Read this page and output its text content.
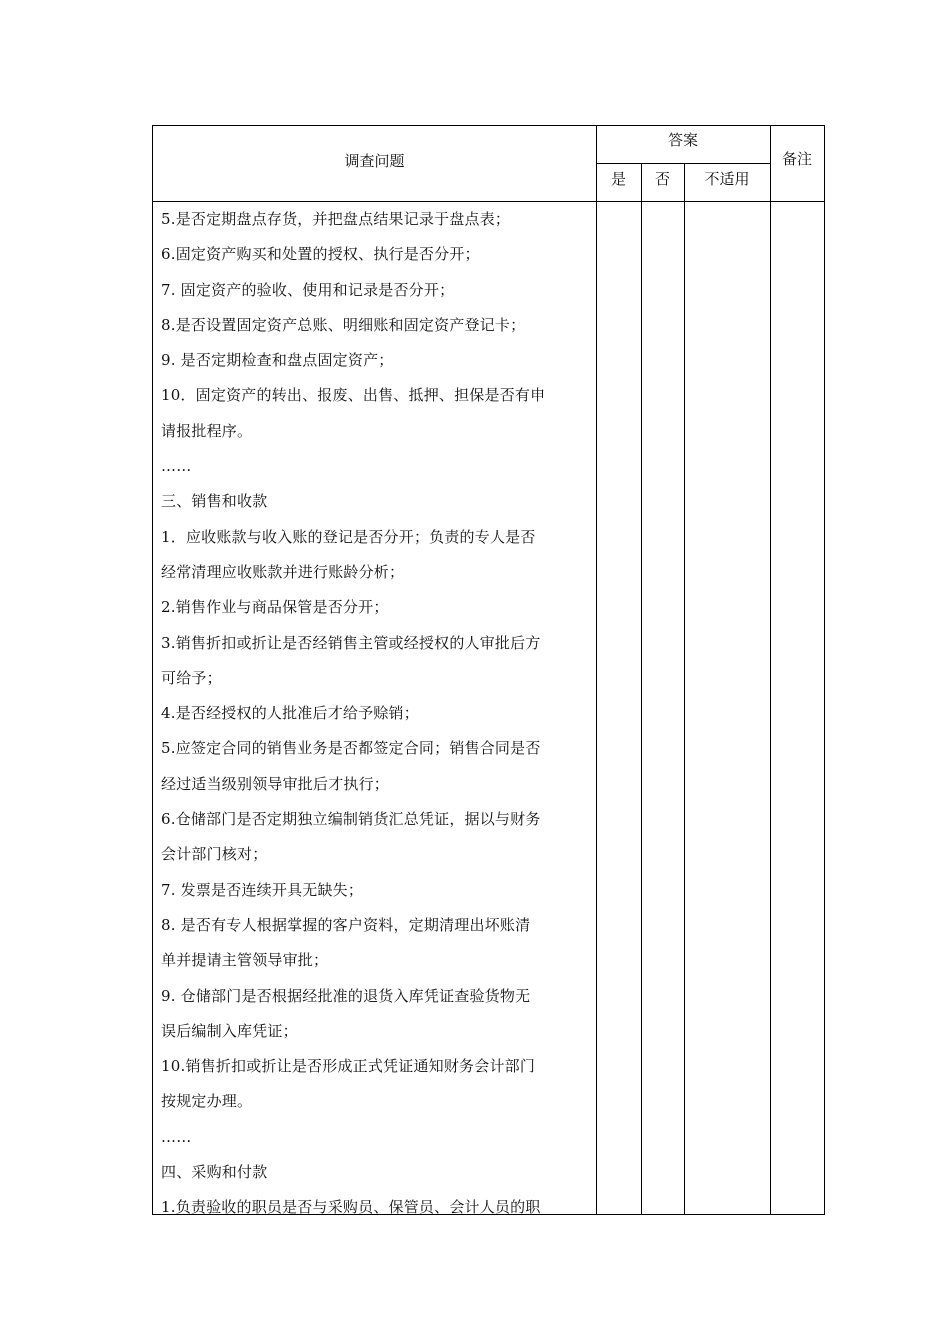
调查问题
答案
是	否	不适用
备注
5.是否定期盘点存货，并把盘点结果记录于盘点表；
6.固定资产购买和处置的授权、执行是否分开；
7. 固定资产的验收、使用和记录是否分开；
8.是否设置固定资产总账、明细账和固定资产登记卡；
9. 是否定期检查和盘点固定资产；
10．固定资产的转出、报废、出售、抵押、担保是否有申
请报批程序。
……
三、销售和收款
1．应收账款与收入账的登记是否分开；负责的专人是否
经常清理应收账款并进行账龄分析；
2.销售作业与商品保管是否分开；
3.销售折扣或折让是否经销售主管或经授权的人审批后方
可给予；
4.是否经授权的人批准后才给予赊销；
5.应签定合同的销售业务是否都签定合同；销售合同是否
经过适当级别领导审批后才执行；
6.仓储部门是否定期独立编制销货汇总凭证，据以与财务
会计部门核对；
7. 发票是否连续开具无缺失；
8. 是否有专人根据掌握的客户资料，定期清理出坏账清
单并提请主管领导审批；
9. 仓储部门是否根据经批准的退货入库凭证查验货物无
误后编制入库凭证；
10.销售折扣或折让是否形成正式凭证通知财务会计部门
按规定办理。
……
四、采购和付款
1.负责验收的职员是否与采购员、保管员、会计人员的职
